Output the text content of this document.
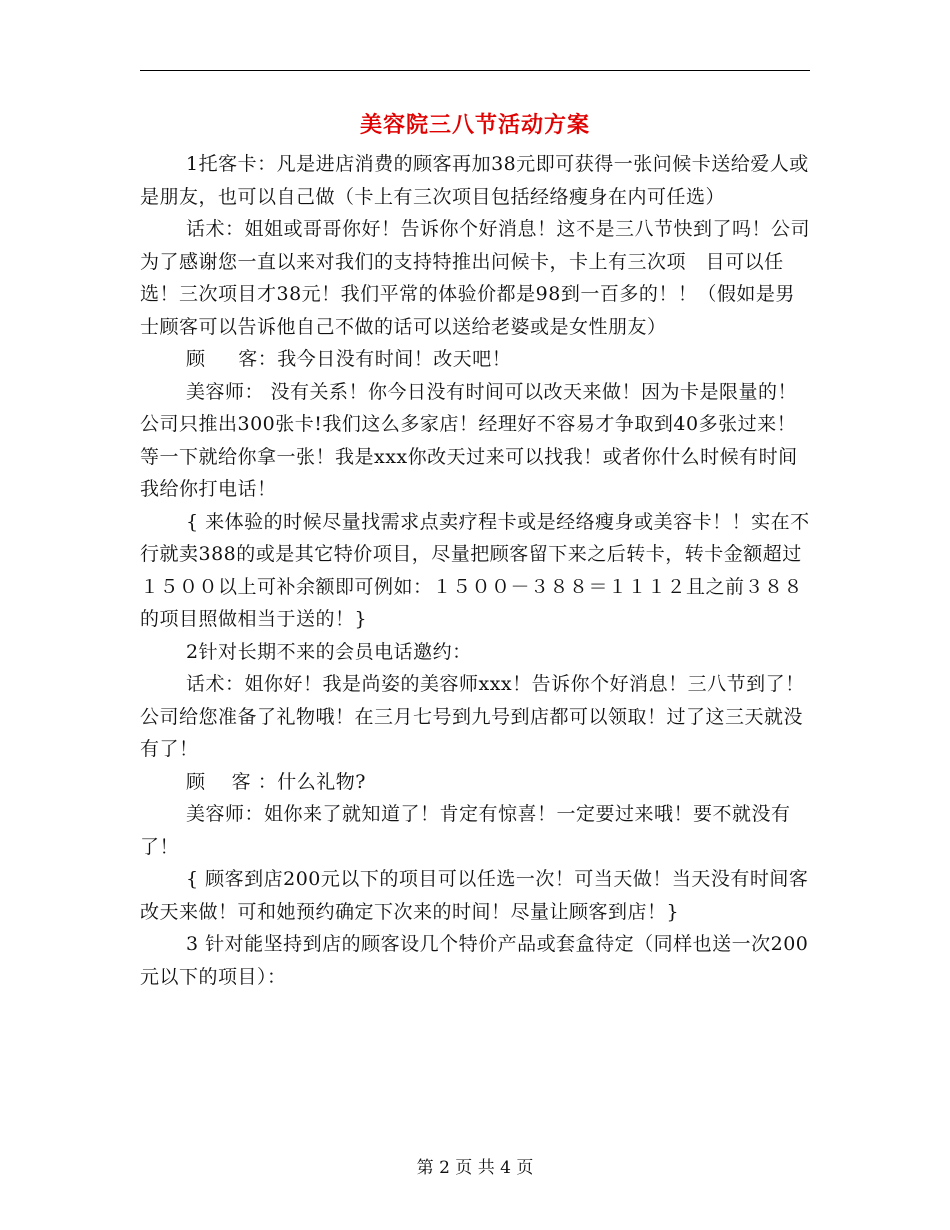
美容院三八节活动方案

1托客卡：凡是进店消费的顾客再加38元即可获得一张问候卡送给爱人或是朋友，也可以自己做（卡上有三次项目包括经络瘦身在内可任选）

话术：姐姐或哥哥你好！告诉你个好消息！这不是三八节快到了吗！公司为了感谢您一直以来对我们的支持特推出问候卡，卡上有三次项   目可以任选！三次项目才38元！我们平常的体验价都是98到一百多的！！（假如是男士顾客可以告诉他自己不做的话可以送给老婆或是女性朋友）

顾     客：我今日没有时间！改天吧！

美容师： 没有关系！你今日没有时间可以改天来做！因为卡是限量的！公司只推出300张卡!我们这么多家店！经理好不容易才争取到40多张过来！等一下就给你拿一张！我是xxx你改天过来可以找我！或者你什么时候有时间我给你打电话！

{ 来体验的时候尽量找需求点卖疗程卡或是经络瘦身或美容卡！！实在不行就卖388的或是其它特价项目，尽量把顾客留下来之后转卡，转卡金额超过１５００以上可补余额即可例如：１５００－３８８＝１１１２且之前３８８的项目照做相当于送的！}

2针对长期不来的会员电话邀约：

话术：姐你好！我是尚姿的美容师xxx！告诉你个好消息！三八节到了！公司给您准备了礼物哦！在三月七号到九号到店都可以领取！过了这三天就没有了！

顾    客 ：什么礼物?

美容师：姐你来了就知道了！肯定有惊喜！一定要过来哦！要不就没有了！

{ 顾客到店200元以下的项目可以任选一次！可当天做！当天没有时间客改天来做！可和她预约确定下次来的时间！尽量让顾客到店！}

3 针对能坚持到店的顾客设几个特价产品或套盒待定（同样也送一次200元以下的项目）：

第 2 页 共 4 页
